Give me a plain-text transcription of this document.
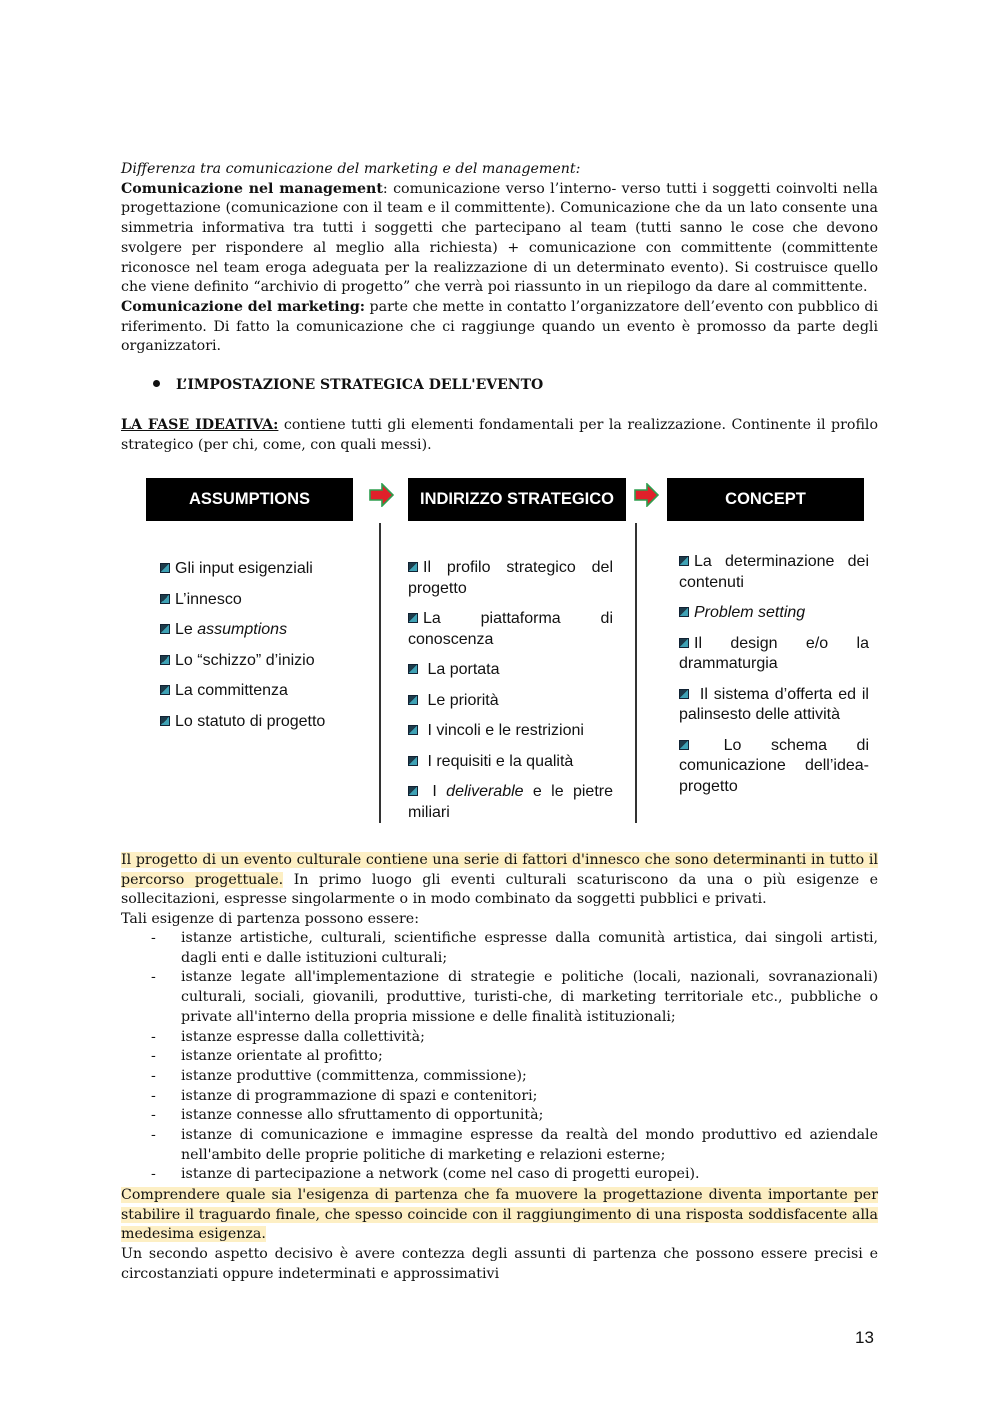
Differenza tra comunicazione del marketing e del management:
Comunicazione nel management: comunicazione verso l’interno- verso tutti i soggetti coinvolti nella progettazione (comunicazione con il team e il committente). Comunicazione che da un lato consente una simmetria informativa tra tutti i soggetti che partecipano al team (tutti sanno le cose che devono svolgere per rispondere al meglio alla richiesta) + comunicazione con committente (committente riconosce nel team eroga adeguata per la realizzazione di un determinato evento). Si costruisce quello che viene definito “archivio di progetto” che verrà poi riassunto in un riepilogo da dare al committente.
Comunicazione del marketing: parte che mette in contatto l’organizzatore dell’evento con pubblico di riferimento. Di fatto la comunicazione che ci raggiunge quando un evento è promosso da parte degli organizzatori.
L’IMPOSTAZIONE STRATEGICA DELL'EVENTO
LA FASE IDEATIVA: contiene tutti gli elementi fondamentali per la realizzazione. Continente il profilo strategico (per chi, come, con quali messi).
ASSUMPTIONS	INDIRIZZO STRATEGICO	CONCEPT
Gli input esigenziali
L’innesco
Le assumptions
Lo “schizzo” d’inizio
La committenza
Lo statuto di progetto
Il profilo strategico del progetto
La piattaforma di conoscenza
La portata
Le priorità
I vincoli e le restrizioni
I requisiti e la qualità
I deliverable e le pietre miliari
La determinazione dei contenuti
Problem setting
Il design e/o la drammaturgia
Il sistema d’offerta ed il palinsesto delle attività
Lo schema di comunicazione dell’idea-progetto
Il progetto di un evento culturale contiene una serie di fattori d'innesco che sono determinanti in tutto il percorso progettuale. In primo luogo gli eventi culturali scaturiscono da una o più esigenze e sollecitazioni, espresse singolarmente o in modo combinato da soggetti pubblici e privati.
Tali esigenze di partenza possono essere:
- istanze artistiche, culturali, scientifiche espresse dalla comunità artistica, dai singoli artisti, dagli enti e dalle istituzioni culturali;
- istanze legate all'implementazione di strategie e politiche (locali, nazionali, sovranazionali) culturali, sociali, giovanili, produttive, turisti-che, di marketing territoriale etc., pubbliche o private all'interno della propria missione e delle finalità istituzionali;
- istanze espresse dalla collettività;
- istanze orientate al profitto;
- istanze produttive (committenza, commissione);
- istanze di programmazione di spazi e contenitori;
- istanze connesse allo sfruttamento di opportunità;
- istanze di comunicazione e immagine espresse da realtà del mondo produttivo ed aziendale nell'ambito delle proprie politiche di marketing e relazioni esterne;
- istanze di partecipazione a network (come nel caso di progetti europei).
Comprendere quale sia l'esigenza di partenza che fa muovere la progettazione diventa importante per stabilire il traguardo finale, che spesso coincide con il raggiungimento di una risposta soddisfacente alla medesima esigenza.
Un secondo aspetto decisivo è avere contezza degli assunti di partenza che possono essere precisi e circostanziati oppure indeterminati e approssimativi
13
